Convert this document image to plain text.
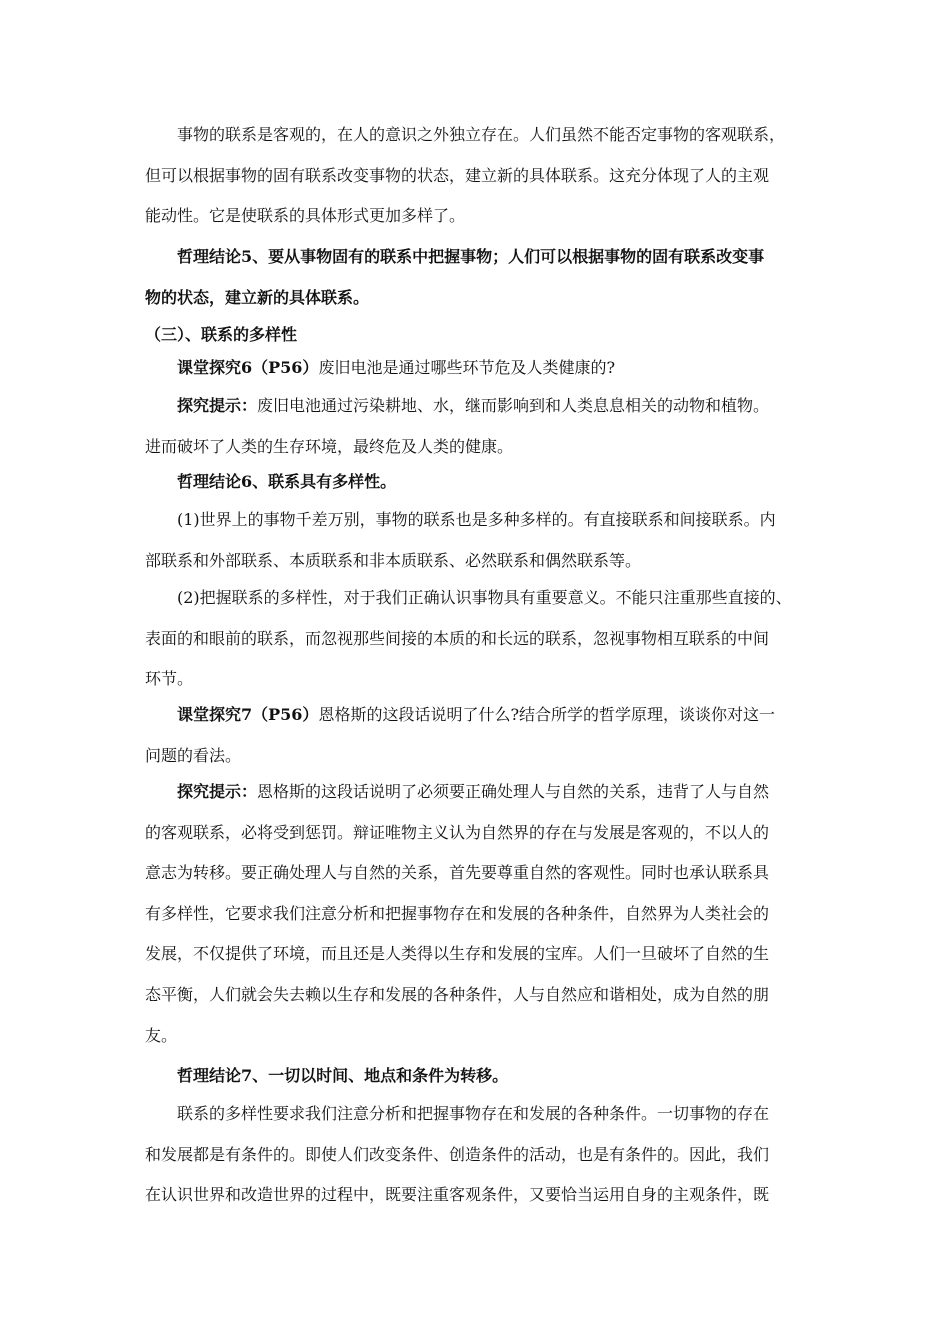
　　事物的联系是客观的，在人的意识之外独立存在。人们虽然不能否定事物的客观联系，
但可以根据事物的固有联系改变事物的状态，建立新的具体联系。这充分体现了人的主观
能动性。它是使联系的具体形式更加多样了。
　　哲理结论5、要从事物固有的联系中把握事物；人们可以根据事物的固有联系改变事
物的状态，建立新的具体联系。
（三）、联系的多样性
　　课堂探究6（P56）废旧电池是通过哪些环节危及人类健康的?
　　探究提示：废旧电池通过污染耕地、水，继而影响到和人类息息相关的动物和植物。
进而破坏了人类的生存环境，最终危及人类的健康。
　　哲理结论6、联系具有多样性。
　　(1)世界上的事物千差万别，事物的联系也是多种多样的。有直接联系和间接联系。内
部联系和外部联系、本质联系和非本质联系、必然联系和偶然联系等。
　　(2)把握联系的多样性，对于我们正确认识事物具有重要意义。不能只注重那些直接的、
表面的和眼前的联系，而忽视那些间接的本质的和长远的联系，忽视事物相互联系的中间
环节。
　　课堂探究7（P56）恩格斯的这段话说明了什么?结合所学的哲学原理，谈谈你对这一
问题的看法。
　　探究提示：恩格斯的这段话说明了必须要正确处理人与自然的关系，违背了人与自然
的客观联系，必将受到惩罚。辩证唯物主义认为自然界的存在与发展是客观的，不以人的
意志为转移。要正确处理人与自然的关系，首先要尊重自然的客观性。同时也承认联系具
有多样性，它要求我们注意分析和把握事物存在和发展的各种条件，自然界为人类社会的
发展，不仅提供了环境，而且还是人类得以生存和发展的宝库。人们一旦破坏了自然的生
态平衡，人们就会失去赖以生存和发展的各种条件，人与自然应和谐相处，成为自然的朋
友。
　　哲理结论7、一切以时间、地点和条件为转移。
　　联系的多样性要求我们注意分析和把握事物存在和发展的各种条件。一切事物的存在
和发展都是有条件的。即使人们改变条件、创造条件的活动，也是有条件的。因此，我们
在认识世界和改造世界的过程中，既要注重客观条件，又要恰当运用自身的主观条件，既
